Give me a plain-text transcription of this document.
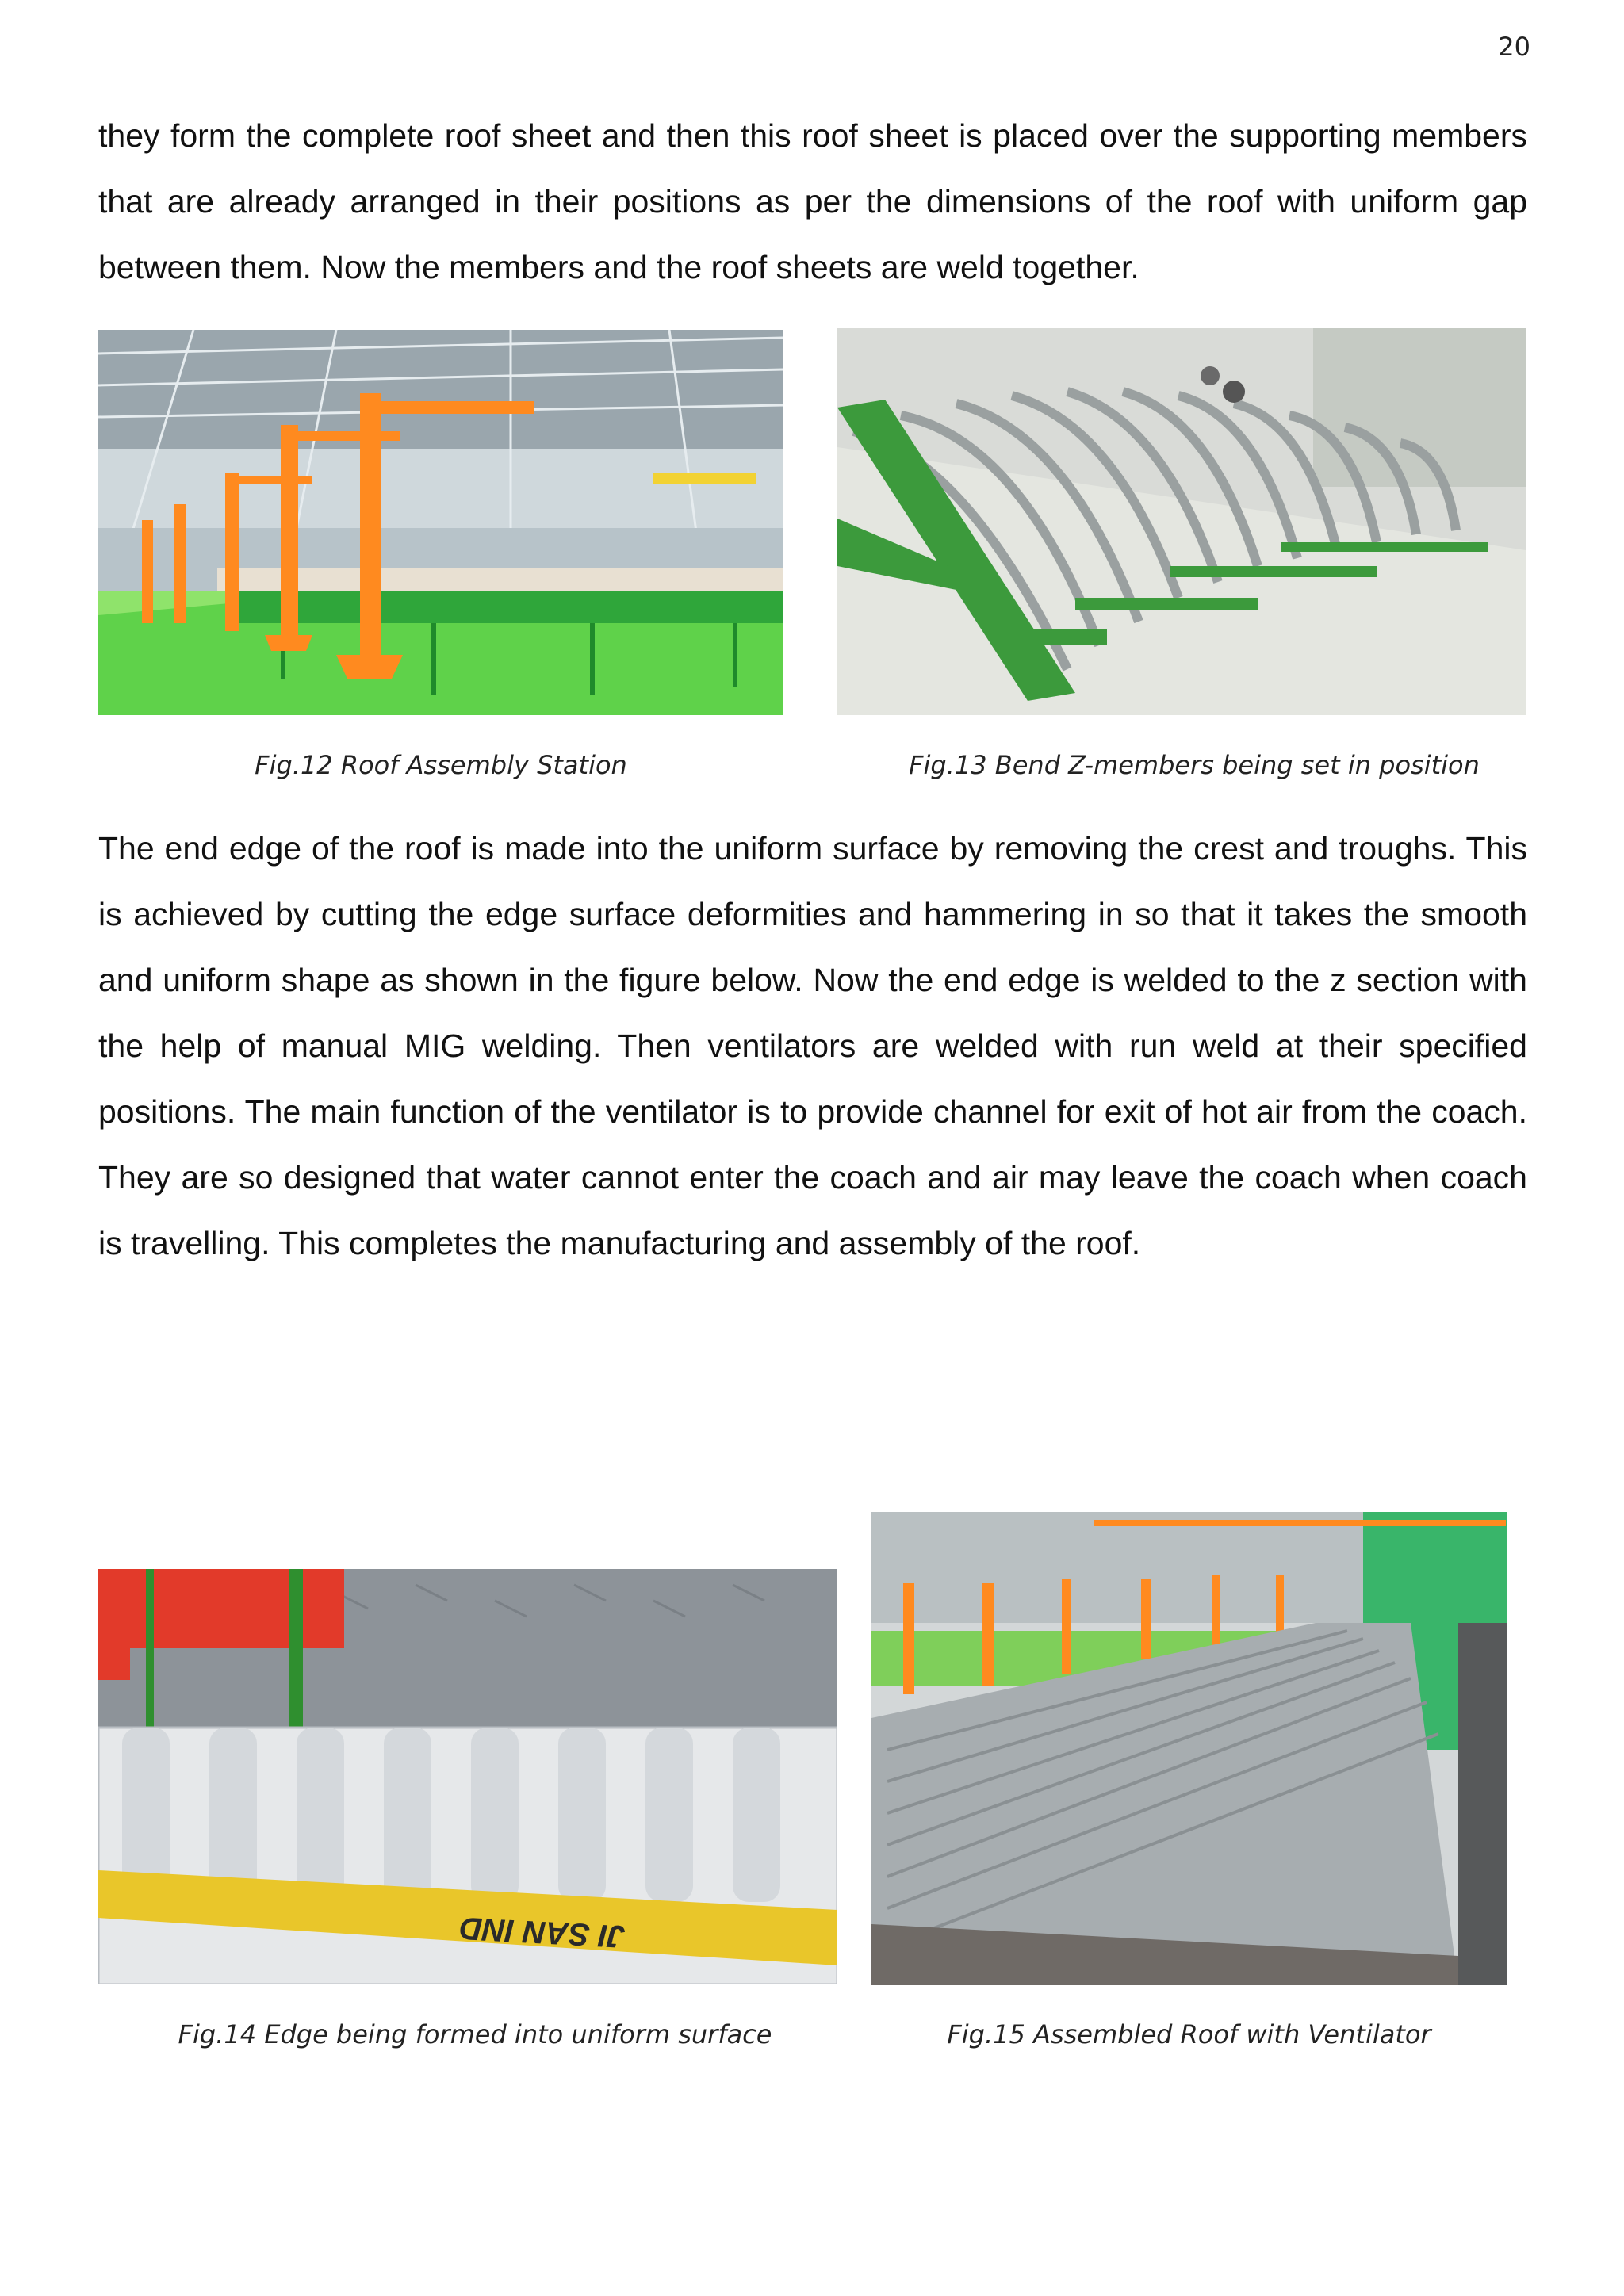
20

they form the complete roof sheet and then this roof sheet is placed over the supporting members that are already arranged in their positions as per the dimensions of the roof with uniform gap between them. Now the members and the roof sheets are weld together.

Fig.12 Roof Assembly Station	Fig.13 Bend Z-members being set in position

The end edge of the roof is made into the uniform surface by removing the crest and troughs. This is achieved by cutting the edge surface deformities and hammering in so that it takes the smooth and uniform shape as shown in the figure below. Now the end edge is welded to the z section with the help of manual MIG welding. Then ventilators are welded with run weld at their specified positions. The main function of the ventilator is to provide channel for exit of hot air from the coach. They are so designed that water cannot enter the coach and air may leave the coach when coach is travelling. This completes the manufacturing and assembly of the roof.

JI SAN IND
Fig.14 Edge being formed into uniform surface	Fig.15 Assembled Roof with Ventilator
